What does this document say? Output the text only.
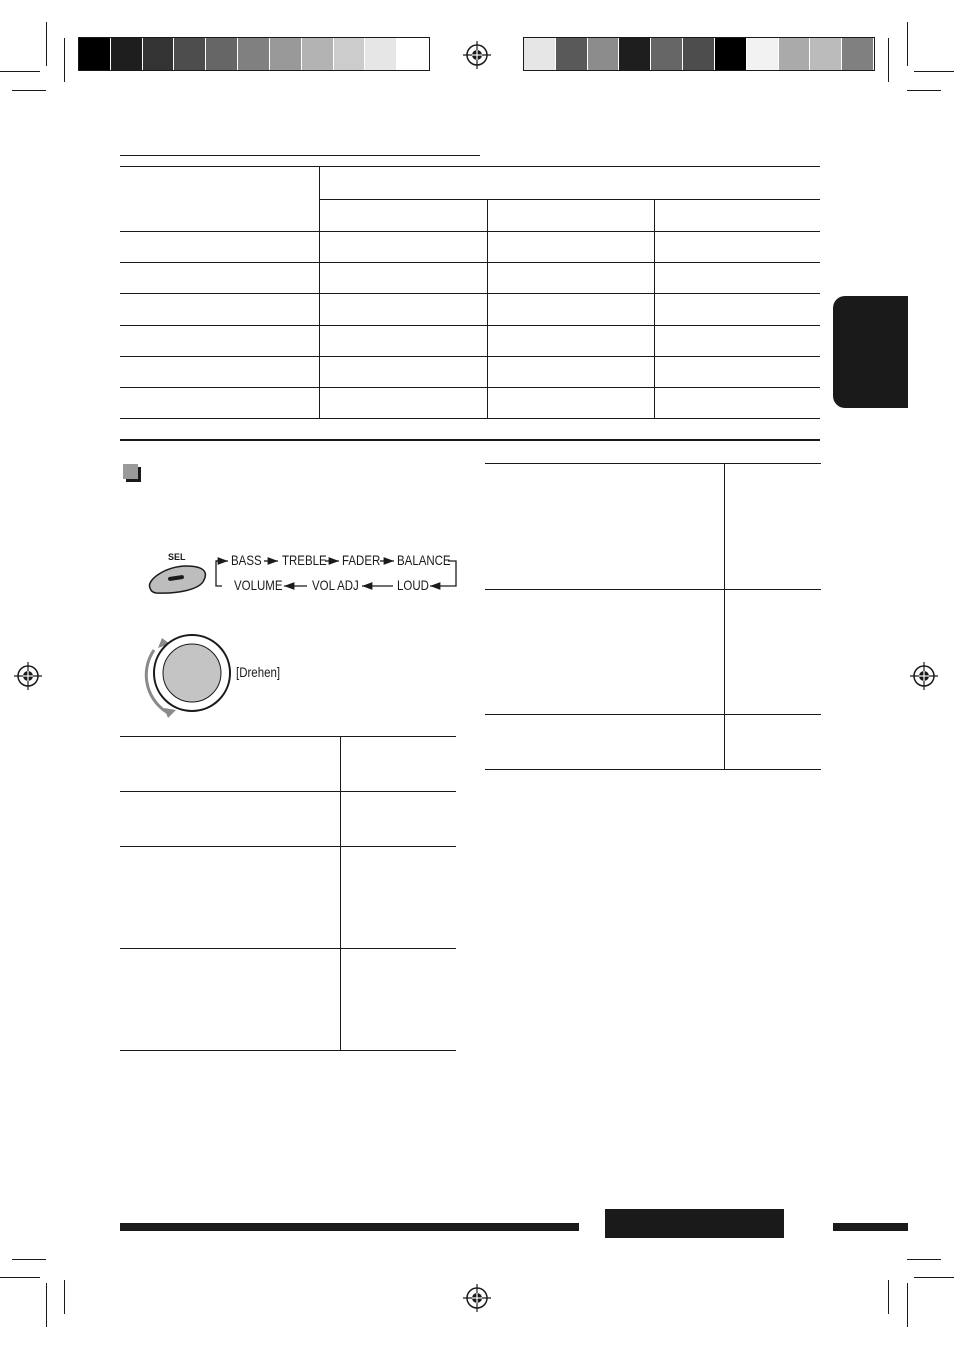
SEL	BASS TREBLE FADER BALANCE
VOLUME VOL ADJ	LOUD
[Drehen]
